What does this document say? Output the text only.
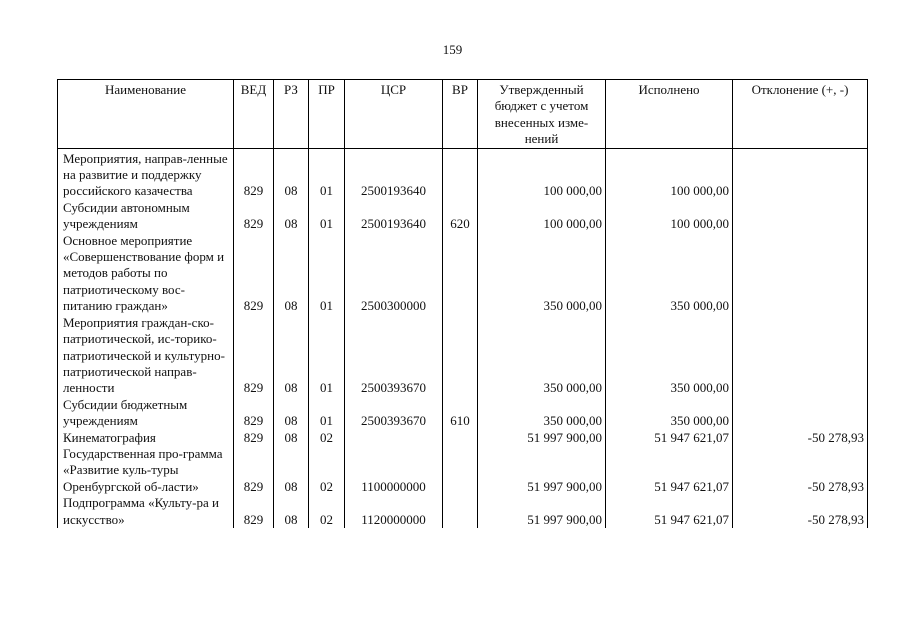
159
Наименование	ВЕД	РЗ	ПР	ЦСР	ВР	Утвержденный бюджет с учетом внесенных изме-нений	Исполнено	Отклонение (+, -)
Мероприятия, направ-ленные на развитие и поддержку российского казачества	829	08	01	2500193640		100 000,00	100 000,00	
Субсидии автономным учреждениям	829	08	01	2500193640	620	100 000,00	100 000,00	
Основное мероприятие «Совершенствование форм и методов работы по патриотическому вос-питанию граждан»	829	08	01	2500300000		350 000,00	350 000,00	
Мероприятия граждан-ско-патриотической, ис-торико-патриотической и культурно-патриотической направ-ленности	829	08	01	2500393670		350 000,00	350 000,00	
Субсидии бюджетным учреждениям	829	08	01	2500393670	610	350 000,00	350 000,00	
Кинематография	829	08	02			51 997 900,00	51 947 621,07	-50 278,93
Государственная про-грамма «Развитие куль-туры Оренбургской об-ласти»	829	08	02	1100000000		51 997 900,00	51 947 621,07	-50 278,93
Подпрограмма «Культу-ра и искусство»	829	08	02	1120000000		51 997 900,00	51 947 621,07	-50 278,93
